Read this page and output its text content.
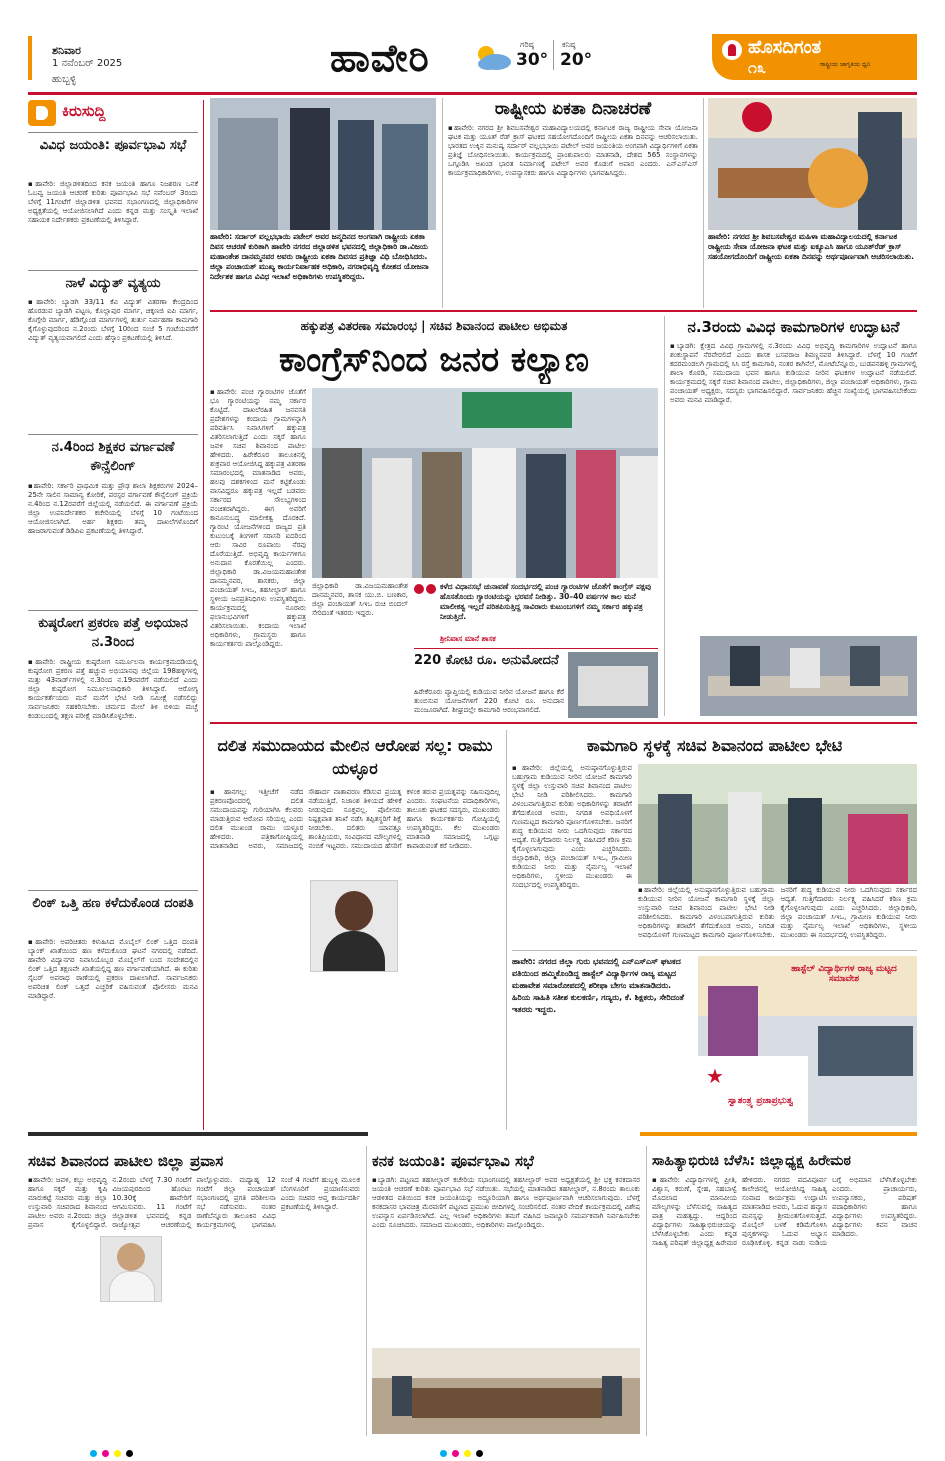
ಶನಿವಾರ
1 ನವೆಂಬರ್ 2025
ಹುಬ್ಬಳ್ಳಿ	ಹಾವೇರಿ	ಗರಿಷ್ಠ
30°
ಕನಿಷ್ಠ
20°
ಹೊಸದಿಗಂತ
ರಾಷ್ಟ್ರೀಯ ಜಾಗೃತಿಯ ಧ್ವನಿ
೧೩
ಕಿರುಸುದ್ದಿ
ವಿವಿಧ ಜಯಂತಿ: ಪೂರ್ವಭಾವಿ ಸಭೆ
▪ಹಾವೇರಿ: ಜಿಲ್ಲಾಡಳಿತದಿಂದ ಕನಕ ಜಯಂತಿ ಹಾಗೂ ನಿಜಶರಣ ಒನಕೆ ಓಬವ್ವ ಜಯಂತಿ ಆಚರಣೆ ಕುರಿತು ಪೂರ್ವಭಾವಿ ಸಭೆ ನವೆಂಬರ್ 3ರಂದು ಬೆಳಗ್ಗೆ 11ಗಂಟೆಗೆ ಜಿಲ್ಲಾಡಳಿತ ಭವನದ ಸಭಾಂಗಣದಲ್ಲಿ ಜಿಲ್ಲಾಧಿಕಾರಿಗಳ ಅಧ್ಯಕ್ಷತೆಯಲ್ಲಿ ಆಯೋಜಿಸಲಾಗಿದೆ ಎಂದು ಕನ್ನಡ ಮತ್ತು ಸಂಸ್ಕೃತಿ ಇಲಾಖೆ ಸಹಾಯಕ ನಿರ್ದೇಶಕರು ಪ್ರಕಟಣೆಯಲ್ಲಿ ತಿಳಿಸಿದ್ದಾರೆ.
ನಾಳೆ ವಿದ್ಯುತ್ ವ್ಯತ್ಯಯ
▪ಹಾವೇರಿ: ಬ್ಯಾಡಗಿ 33/11 ಕೆವಿ ವಿದ್ಯುತ್ ವಿತರಣಾ ಕೇಂದ್ರದಿಂದ ಹೊರಡುವ ಬ್ಯಾಡಗಿ ಪಟ್ಟಣ, ಕೊಲ್ಲಾಪುರ ಮಾರ್ಗ, ಚಿಕ್ಕಣಜಿ ಐಪಿ ಮಾರ್ಗ, ಕೊಗ್ಗೇರಿ ಮಾರ್ಗ, ಹೆಡಿಗ್ಗೊಂಡ ಮಾರ್ಗಗಳಲ್ಲಿ ತುರ್ತು ನಿರ್ವಹಣಾ ಕಾಮಗಾರಿ ಕೈಗೊಳ್ಳುವುದರಿಂದ ನ.2ರಂದು ಬೆಳಗ್ಗೆ 10ರಿಂದ ಸಂಜೆ 5 ಗಂಟೆಯವರೆಗೆ ವಿದ್ಯುತ್ ವ್ಯತ್ಯಯವಾಗಲಿದೆ ಎಂದು ಹೆಸ್ಕಾಂ ಪ್ರಕಟಣೆಯಲ್ಲಿ ತಿಳಿಸಿದೆ.
ನ.4ರಿಂದ ಶಿಕ್ಷಕರ ವರ್ಗಾವಣೆ ಕೌನ್ಸೆಲಿಂಗ್
▪ಹಾವೇರಿ: ಸರ್ಕಾರಿ ಪ್ರಾಥಮಿಕ ಮತ್ತು ಪ್ರೌಢ ಶಾಲಾ ಶಿಕ್ಷಕರುಗಳ 2024–25ನೇ ಸಾಲಿನ ಸಾಮಾನ್ಯ ಕೋರಿಕೆ, ಪರಸ್ಪರ ವರ್ಗಾವಣೆ ಕೌನ್ಸೆಲಿಂಗ್ ಪ್ರಕ್ರಿಯೆ ನ.4ರಿಂದ ನ.12ರವರೆಗೆ ಜಿಲ್ಲೆಯಲ್ಲಿ ನಡೆಯಲಿದೆ. ಈ ವರ್ಗಾವಣೆ ಪ್ರಕ್ರಿಯೆ ಜಿಲ್ಲಾ ಉಪನಿರ್ದೇಶಕರ ಕಚೇರಿಯಲ್ಲಿ ಬೆಳಗ್ಗೆ 10 ಗಂಟೆಯಿಂದ ಆಯೋಜಿಸಲಾಗಿದೆ. ಅರ್ಹ ಶಿಕ್ಷಕರು ತಮ್ಮ ದಾಖಲೆಗಳೊಂದಿಗೆ ಹಾಜರಾಗುವಂತೆ ಡಿಡಿಪಿಐ ಪ್ರಕಟಣೆಯಲ್ಲಿ ತಿಳಿಸಿದ್ದಾರೆ.
ಕುಷ್ಠರೋಗ ಪ್ರಕರಣ ಪತ್ತೆ ಅಭಿಯಾನ ನ.3ರಿಂದ
▪ಹಾವೇರಿ: ರಾಷ್ಟ್ರೀಯ ಕುಷ್ಠರೋಗ ನಿರ್ಮೂಲನಾ ಕಾರ್ಯಕ್ರಮದಡಿಯಲ್ಲಿ ಕುಷ್ಠರೋಗ ಪ್ರಕರಣ ಪತ್ತೆ ಹಚ್ಚುವ ಅಭಿಯಾನವು ಜಿಲ್ಲೆಯ 198ಹಳ್ಳಿಗಳಲ್ಲಿ ಮತ್ತು 43ವಾರ್ಡ್‌ಗಳಲ್ಲಿ ನ.3ರಿಂದ ನ.19ರವರೆಗೆ ನಡೆಯಲಿದೆ ಎಂದು ಜಿಲ್ಲಾ ಕುಷ್ಠರೋಗ ನಿರ್ಮೂಲನಾಧಿಕಾರಿ ತಿಳಿಸಿದ್ದಾರೆ. ಆರೋಗ್ಯ ಕಾರ್ಯಕರ್ತೆಯರು ಮನೆ ಮನೆಗೆ ಭೇಟಿ ನೀಡಿ ಸಮೀಕ್ಷೆ ನಡೆಸಲಿದ್ದು ಸಾರ್ವಜನಿಕರು ಸಹಕರಿಸಬೇಕು. ಚರ್ಮದ ಮೇಲೆ ತಿಳಿ ಬಿಳಿಯ ಮಚ್ಚೆ ಕಂಡುಬಂದಲ್ಲಿ ತಕ್ಷಣ ಪರೀಕ್ಷೆ ಮಾಡಿಸಿಕೊಳ್ಳಬೇಕು.
ಲಿಂಕ್ ಒತ್ತಿ ಹಣ ಕಳೆದುಕೊಂಡ ದಂಪತಿ
▪ಹಾವೇರಿ: ಅಪರಿಚಿತರು ಕಳುಹಿಸಿದ ಮೊಬೈಲ್ ಲಿಂಕ್ ಒತ್ತಿದ ದಂಪತಿ ಬ್ಯಾಂಕ್ ಖಾತೆಯಿಂದ ಹಣ ಕಳೆದುಕೊಂಡ ಘಟನೆ ನಗರದಲ್ಲಿ ನಡೆದಿದೆ. ಹಾವೇರಿ ವಿದ್ಯಾನಗರ ನಿವಾಸಿಯೊಬ್ಬರ ಮೊಬೈಲ್‌ಗೆ ಬಂದ ಸಂದೇಶದಲ್ಲಿನ ಲಿಂಕ್ ಒತ್ತಿದ ತಕ್ಷಣವೇ ಖಾತೆಯಲ್ಲಿದ್ದ ಹಣ ವರ್ಗಾವಣೆಯಾಗಿದೆ. ಈ ಕುರಿತು ಸೈಬರ್ ಅಪರಾಧ ಠಾಣೆಯಲ್ಲಿ ಪ್ರಕರಣ ದಾಖಲಾಗಿದೆ. ಸಾರ್ವಜನಿಕರು ಅಪರಿಚಿತ ಲಿಂಕ್ ಒತ್ತದೆ ಎಚ್ಚರಿಕೆ ವಹಿಸುವಂತೆ ಪೊಲೀಸರು ಮನವಿ ಮಾಡಿದ್ದಾರೆ.
ಹಾವೇರಿ: ಸರ್ದಾರ್ ವಲ್ಲಭಭಾಯಿ ಪಟೇಲ್ ಅವರ ಜನ್ಮದಿನದ ಅಂಗವಾಗಿ ರಾಷ್ಟ್ರೀಯ ಏಕತಾ ದಿವಸ ಆಚರಣೆ ಕುರಿತಾಗಿ ಹಾವೇರಿ ನಗರದ ಜಿಲ್ಲಾಡಳಿತ ಭವನದಲ್ಲಿ ಜಿಲ್ಲಾಧಿಕಾರಿ ಡಾ.ವಿಜಯ ಮಹಾಂತೇಶ ದಾನಮ್ಮನವರ ಅವರು ರಾಷ್ಟ್ರೀಯ ಏಕತಾ ದಿವಸದ ಪ್ರತಿಜ್ಞಾ ವಿಧಿ ಬೋಧಿಸಿದರು. ಜಿಲ್ಲಾ ಪಂಚಾಯತ್ ಮುಖ್ಯ ಕಾರ್ಯನಿರ್ವಾಹಕ ಅಧಿಕಾರಿ, ನಗರಾಭಿವೃದ್ಧಿ ಕೋಶದ ಯೋಜನಾ ನಿರ್ದೇಶಕ ಹಾಗೂ ವಿವಿಧ ಇಲಾಖೆ ಅಧಿಕಾರಿಗಳು ಉಪಸ್ಥಿತರಿದ್ದರು.
ರಾಷ್ಟ್ರೀಯ ಏಕತಾ ದಿನಾಚರಣೆ
▪ಹಾವೇರಿ: ನಗರದ ಶ್ರೀ ಶಿವಬಸವೇಶ್ವರ ಮಹಾವಿದ್ಯಾಲಯದಲ್ಲಿ ಕರ್ನಾಟಕ ರಾಜ್ಯ ರಾಷ್ಟ್ರೀಯ ಸೇವಾ ಯೋಜನಾ ಘಟಕ ಮತ್ತು ಯೂತ್ ರೆಡ್ ಕ್ರಾಸ್ ಘಟಕದ ಸಹಯೋಗದೊಂದಿಗೆ ರಾಷ್ಟ್ರೀಯ ಏಕತಾ ದಿನವನ್ನು ಆಚರಿಸಲಾಯಿತು. ಭಾರತದ ಉಕ್ಕಿನ ಮನುಷ್ಯ ಸರ್ದಾರ್ ವಲ್ಲಭಭಾಯಿ ಪಟೇಲ್ ಅವರ ಜಯಂತಿಯ ಅಂಗವಾಗಿ ವಿದ್ಯಾರ್ಥಿಗಳಿಗೆ ಏಕತಾ ಪ್ರತಿಜ್ಞೆ ಬೋಧಿಸಲಾಯಿತು. ಕಾರ್ಯಕ್ರಮದಲ್ಲಿ ಪ್ರಾಂಶುಪಾಲರು ಮಾತನಾಡಿ, ದೇಶದ 565 ಸಂಸ್ಥಾನಗಳನ್ನು ಒಗ್ಗೂಡಿಸಿ ಅಖಂಡ ಭಾರತ ನಿರ್ಮಾಣಕ್ಕೆ ಪಟೇಲ್ ಅವರ ಕೊಡುಗೆ ಅಪಾರ ಎಂದರು. ಎನ್ಎಸ್ಎಸ್ ಕಾರ್ಯಕ್ರಮಾಧಿಕಾರಿಗಳು, ಉಪನ್ಯಾಸಕರು ಹಾಗೂ ವಿದ್ಯಾರ್ಥಿಗಳು ಭಾಗವಹಿಸಿದ್ದರು.
ಹಾವೇರಿ: ನಗರದ ಶ್ರೀ ಶಿವಬಸವೇಶ್ವರ ಮಹಿಳಾ ಮಹಾವಿದ್ಯಾಲಯದಲ್ಲಿ ಕರ್ನಾಟಕ ರಾಷ್ಟ್ರೀಯ ಸೇವಾ ಯೋಜನಾ ಘಟಕ ಮತ್ತು ಐಕ್ಯೂಎಸಿ ಹಾಗೂ ಯೂತ್‌ರೆಡ್ ಕ್ರಾಸ್ ಸಹಯೋಗದೊಂದಿಗೆ ರಾಷ್ಟ್ರೀಯ ಏಕತಾ ದಿನವನ್ನು ಅರ್ಥಪೂರ್ಣವಾಗಿ ಆಚರಿಸಲಾಯಿತು.
ಹಕ್ಕುಪತ್ರ ವಿತರಣಾ ಸಮಾರಂಭ | ಸಚಿವ ಶಿವಾನಂದ ಪಾಟೀಲ ಅಭಿಮತ
ಕಾಂಗ್ರೆಸ್‌ನಿಂದ ಜನರ ಕಲ್ಯಾಣ
▪ಹಾವೇರಿ: ಪಂಚ ಗ್ಯಾರಂಟಿಗಳ ಜೊತೆಗೆ ಭೂ ಗ್ಯಾರಂಟಿಯನ್ನು ನಮ್ಮ ಸರ್ಕಾರ ಕೊಟ್ಟಿದೆ. ದಾಖಲೆರಹಿತ ಜನವಸತಿ ಪ್ರದೇಶಗಳನ್ನು ಕಂದಾಯ ಗ್ರಾಮಗಳನ್ನಾಗಿ ಪರಿವರ್ತಿಸಿ ನಿವಾಸಿಗಳಿಗೆ ಹಕ್ಕುಪತ್ರ ವಿತರಿಸಲಾಗುತ್ತಿದೆ ಎಂದು ಸಕ್ಕರೆ ಹಾಗೂ ಜವಳಿ ಸಚಿವ ಶಿವಾನಂದ ಪಾಟೀಲ ಹೇಳಿದರು. ಹಿರೇಕೆರೂರ ತಾಲೂಕಿನಲ್ಲಿ ಶುಕ್ರವಾರ ಆಯೋಜಿಸಿದ್ದ ಹಕ್ಕುಪತ್ರ ವಿತರಣಾ ಸಮಾರಂಭದಲ್ಲಿ ಮಾತನಾಡಿದ ಅವರು, ಹಲವು ದಶಕಗಳಿಂದ ಮನೆ ಕಟ್ಟಿಕೊಂಡು ವಾಸವಿದ್ದರೂ ಹಕ್ಕುಪತ್ರ ಇಲ್ಲದೆ ಬಡವರು ಸರ್ಕಾರದ ಸೌಲಭ್ಯಗಳಿಂದ ವಂಚಿತರಾಗಿದ್ದರು. ಈಗ ಅವರಿಗೆ ಕಾನೂನುಬದ್ಧ ಮಾಲೀಕತ್ವ ದೊರಕಿದೆ. ಗ್ಯಾರಂಟಿ ಯೋಜನೆಗಳಿಂದ ರಾಜ್ಯದ ಪ್ರತಿ ಕುಟುಂಬಕ್ಕೆ ತಿಂಗಳಿಗೆ ಸರಾಸರಿ ಐದರಿಂದ ಆರು ಸಾವಿರ ರೂಪಾಯಿ ನೆರವು ದೊರೆಯುತ್ತಿದೆ. ಅಭಿವೃದ್ಧಿ ಕಾರ್ಯಗಳಿಗೂ ಅನುದಾನ ಕೊರತೆಯಿಲ್ಲ ಎಂದರು. ಜಿಲ್ಲಾಧಿಕಾರಿ ಡಾ.ವಿಜಯಮಹಾಂತೇಶ ದಾನಮ್ಮನವರ, ಶಾಸಕರು, ಜಿಲ್ಲಾ ಪಂಚಾಯತ್ ಸಿಇಒ, ತಹಸೀಲ್ದಾರ್ ಹಾಗೂ ಸ್ಥಳೀಯ ಜನಪ್ರತಿನಿಧಿಗಳು ಉಪಸ್ಥಿತರಿದ್ದರು. ಕಾರ್ಯಕ್ರಮದಲ್ಲಿ ನೂರಾರು ಫಲಾನುಭವಿಗಳಿಗೆ ಹಕ್ಕುಪತ್ರ ವಿತರಿಸಲಾಯಿತು. ಕಂದಾಯ ಇಲಾಖೆ ಅಧಿಕಾರಿಗಳು, ಗ್ರಾಮಸ್ಥರು ಹಾಗೂ ಕಾರ್ಯಕರ್ತರು ಪಾಲ್ಗೊಂಡಿದ್ದರು.
ಜಿಲ್ಲಾಧಿಕಾರಿ ಡಾ.ವಿಜಯಮಹಾಂತೇಶ ದಾನಮ್ಮನವರ, ಶಾಸಕ ಯು.ಬಿ. ಬಣಕಾರ, ಜಿಲ್ಲಾ ಪಂಚಾಯತ್ ಸಿಇಒ ರುಚಿ ಬಿಂದಲ್ ಸೇರಿದಂತೆ ಇತರರು ಇದ್ದರು.
ಕಳೆದ ವಿಧಾನಸಭೆ ಚುನಾವಣೆ ಸಂದರ್ಭದಲ್ಲಿ ಪಂಚ ಗ್ಯಾರಂಟಿಗಳ ಜೊತೆಗೆ ಕಾಂಗ್ರೆಸ್ ಪಕ್ಷವು ಹೊಸತೊಂದು ಗ್ಯಾರಂಟಿಯನ್ನು ಭರವಸೆ ನೀಡಿತ್ತು. 30–40 ವರ್ಷಗಳ ಕಾಲ ಮನೆ ಮಾಲೀಕತ್ವ ಇಲ್ಲದೆ ಪರಿತಪಿಸುತ್ತಿದ್ದ ಸಾವಿರಾರು ಕುಟುಂಬಗಳಿಗೆ ನಮ್ಮ ಸರ್ಕಾರ ಹಕ್ಕುಪತ್ರ ನೀಡುತ್ತಿದೆ.
ಶ್ರೀನಿವಾಸ ಮಾನೆ ಶಾಸಕ
220 ಕೋಟಿ ರೂ. ಅನುಮೋದನೆ
ಹಿರೇಕೆರೂರು ವ್ಯಾಪ್ತಿಯಲ್ಲಿ ಕುಡಿಯುವ ನೀರಿನ ಯೋಜನೆ ಹಾಗೂ ಕೆರೆ ತುಂಬಿಸುವ ಯೋಜನೆಗಳಿಗೆ 220 ಕೋಟಿ ರೂ. ಅನುದಾನ ಮಂಜೂರಾಗಿದೆ. ಶೀಘ್ರದಲ್ಲೇ ಕಾಮಗಾರಿ ಆರಂಭವಾಗಲಿದೆ.
ನ.3ರಂದು ವಿವಿಧ ಕಾಮಗಾರಿಗಳ ಉದ್ಘಾಟನೆ
▪ಬ್ಯಾಡಗಿ: ಕ್ಷೇತ್ರದ ವಿವಿಧ ಗ್ರಾಮಗಳಲ್ಲಿ ನ.3ರಂದು ವಿವಿಧ ಅಭಿವೃದ್ಧಿ ಕಾಮಗಾರಿಗಳ ಉದ್ಘಾಟನೆ ಹಾಗೂ ಶಂಕುಸ್ಥಾಪನೆ ನೆರವೇರಲಿದೆ ಎಂದು ಶಾಸಕ ಬಸವರಾಜ ಶಿವಣ್ಣನವರ ತಿಳಿಸಿದ್ದಾರೆ. ಬೆಳಗ್ಗೆ 10 ಗಂಟೆಗೆ ಕದರಮಂಡಲಗಿ ಗ್ರಾಮದಲ್ಲಿ ಸಿಸಿ ರಸ್ತೆ ಕಾಮಗಾರಿ, ನಂತರ ಕಾಗಿನೆಲೆ, ಮೋಟೆಬೆನ್ನೂರು, ಬುಡಪನಹಳ್ಳಿ ಗ್ರಾಮಗಳಲ್ಲಿ ಶಾಲಾ ಕೊಠಡಿ, ಸಮುದಾಯ ಭವನ ಹಾಗೂ ಕುಡಿಯುವ ನೀರಿನ ಘಟಕಗಳ ಉದ್ಘಾಟನೆ ನಡೆಯಲಿದೆ. ಕಾರ್ಯಕ್ರಮದಲ್ಲಿ ಸಕ್ಕರೆ ಸಚಿವ ಶಿವಾನಂದ ಪಾಟೀಲ, ಜಿಲ್ಲಾಧಿಕಾರಿಗಳು, ಜಿಲ್ಲಾ ಪಂಚಾಯತ್ ಅಧಿಕಾರಿಗಳು, ಗ್ರಾಮ ಪಂಚಾಯತ್ ಅಧ್ಯಕ್ಷರು, ಸದಸ್ಯರು ಭಾಗವಹಿಸಲಿದ್ದಾರೆ. ಸಾರ್ವಜನಿಕರು ಹೆಚ್ಚಿನ ಸಂಖ್ಯೆಯಲ್ಲಿ ಭಾಗವಹಿಸಬೇಕೆಂದು ಅವರು ಮನವಿ ಮಾಡಿದ್ದಾರೆ.
ದಲಿತ ಸಮುದಾಯದ ಮೇಲಿನ ಆರೋಪ ಸಲ್ಲ: ರಾಮು ಯಳ್ಳೂರ
▪ಹಾನಗಲ್ಲ: ಇತ್ತೀಚೆಗೆ ನಡೆದ ಪ್ರಕರಣವೊಂದರಲ್ಲಿ ದಲಿತ ಸಮುದಾಯವನ್ನು ಗುರಿಯಾಗಿಸಿ ಕೆಲವರು ಮಾಡುತ್ತಿರುವ ಆರೋಪ ಸರಿಯಲ್ಲ ಎಂದು ದಲಿತ ಮುಖಂಡ ರಾಮು ಯಳ್ಳೂರ ಹೇಳಿದರು. ಪತ್ರಿಕಾಗೋಷ್ಠಿಯಲ್ಲಿ ಮಾತನಾಡಿದ ಅವರು, ಸಮಾಜದಲ್ಲಿ ಸೌಹಾರ್ದ ವಾತಾವರಣ ಕೆಡಿಸುವ ಪ್ರಯತ್ನ ನಡೆಯುತ್ತಿದೆ. ನಿಜಾಂಶ ತಿಳಿಯದೆ ಹೇಳಿಕೆ ನೀಡುವುದು ಸೂಕ್ತವಲ್ಲ. ಪೊಲೀಸರು ನಿಷ್ಪಕ್ಷಪಾತ ತನಿಖೆ ನಡೆಸಿ ತಪ್ಪಿತಸ್ಥರಿಗೆ ಶಿಕ್ಷೆ ನೀಡಬೇಕು. ದಲಿತರು ಯಾವತ್ತೂ ಶಾಂತಿಪ್ರಿಯರು, ಸಂವಿಧಾನದ ಮೌಲ್ಯಗಳಲ್ಲಿ ನಂಬಿಕೆ ಇಟ್ಟವರು. ಸಮುದಾಯದ ಹೆಸರಿಗೆ ಕಳಂಕ ತರುವ ಪ್ರಯತ್ನವನ್ನು ಸಹಿಸುವುದಿಲ್ಲ ಎಂದರು. ಸಂಘಟನೆಯ ಪದಾಧಿಕಾರಿಗಳು, ತಾಲೂಕು ಘಟಕದ ಸದಸ್ಯರು, ಮುಖಂಡರು ಹಾಗೂ ಕಾರ್ಯಕರ್ತರು ಗೋಷ್ಠಿಯಲ್ಲಿ ಉಪಸ್ಥಿತರಿದ್ದರು. ಕೆಲ ಮುಖಂಡರು ಮಾತನಾಡಿ ಸಮಾಜದಲ್ಲಿ ಒಗ್ಗಟ್ಟು ಕಾಪಾಡುವಂತೆ ಕರೆ ನೀಡಿದರು.
ಕಾಮಗಾರಿ ಸ್ಥಳಕ್ಕೆ ಸಚಿವ ಶಿವಾನಂದ ಪಾಟೀಲ ಭೇಟಿ
▪ಹಾವೇರಿ: ಜಿಲ್ಲೆಯಲ್ಲಿ ಅನುಷ್ಠಾನಗೊಳ್ಳುತ್ತಿರುವ ಬಹುಗ್ರಾಮ ಕುಡಿಯುವ ನೀರಿನ ಯೋಜನೆ ಕಾಮಗಾರಿ ಸ್ಥಳಕ್ಕೆ ಜಿಲ್ಲಾ ಉಸ್ತುವಾರಿ ಸಚಿವ ಶಿವಾನಂದ ಪಾಟೀಲ ಭೇಟಿ ನೀಡಿ ಪರಿಶೀಲಿಸಿದರು. ಕಾಮಗಾರಿ ವಿಳಂಬವಾಗುತ್ತಿರುವ ಕುರಿತು ಅಧಿಕಾರಿಗಳನ್ನು ತರಾಟೆಗೆ ತೆಗೆದುಕೊಂಡ ಅವರು, ನಿಗದಿತ ಅವಧಿಯೊಳಗೆ ಗುಣಮಟ್ಟದ ಕಾಮಗಾರಿ ಪೂರ್ಣಗೊಳಿಸಬೇಕು. ಜನರಿಗೆ ಶುದ್ಧ ಕುಡಿಯುವ ನೀರು ಒದಗಿಸುವುದು ಸರ್ಕಾರದ ಆದ್ಯತೆ. ಗುತ್ತಿಗೆದಾರರು ನಿರ್ಲಕ್ಷ್ಯ ವಹಿಸಿದರೆ ಕಠಿಣ ಕ್ರಮ ಕೈಗೊಳ್ಳಲಾಗುವುದು ಎಂದು ಎಚ್ಚರಿಸಿದರು. ಜಿಲ್ಲಾಧಿಕಾರಿ, ಜಿಲ್ಲಾ ಪಂಚಾಯತ್ ಸಿಇಒ, ಗ್ರಾಮೀಣ ಕುಡಿಯುವ ನೀರು ಮತ್ತು ನೈರ್ಮಲ್ಯ ಇಲಾಖೆ ಅಧಿಕಾರಿಗಳು, ಸ್ಥಳೀಯ ಮುಖಂಡರು ಈ ಸಂದರ್ಭದಲ್ಲಿ ಉಪಸ್ಥಿತರಿದ್ದರು.
▪ಹಾವೇರಿ: ಜಿಲ್ಲೆಯಲ್ಲಿ ಅನುಷ್ಠಾನಗೊಳ್ಳುತ್ತಿರುವ ಬಹುಗ್ರಾಮ ಕುಡಿಯುವ ನೀರಿನ ಯೋಜನೆ ಕಾಮಗಾರಿ ಸ್ಥಳಕ್ಕೆ ಜಿಲ್ಲಾ ಉಸ್ತುವಾರಿ ಸಚಿವ ಶಿವಾನಂದ ಪಾಟೀಲ ಭೇಟಿ ನೀಡಿ ಪರಿಶೀಲಿಸಿದರು. ಕಾಮಗಾರಿ ವಿಳಂಬವಾಗುತ್ತಿರುವ ಕುರಿತು ಅಧಿಕಾರಿಗಳನ್ನು ತರಾಟೆಗೆ ತೆಗೆದುಕೊಂಡ ಅವರು, ನಿಗದಿತ ಅವಧಿಯೊಳಗೆ ಗುಣಮಟ್ಟದ ಕಾಮಗಾರಿ ಪೂರ್ಣಗೊಳಿಸಬೇಕು. ಜನರಿಗೆ ಶುದ್ಧ ಕುಡಿಯುವ ನೀರು ಒದಗಿಸುವುದು ಸರ್ಕಾರದ ಆದ್ಯತೆ. ಗುತ್ತಿಗೆದಾರರು ನಿರ್ಲಕ್ಷ್ಯ ವಹಿಸಿದರೆ ಕಠಿಣ ಕ್ರಮ ಕೈಗೊಳ್ಳಲಾಗುವುದು ಎಂದು ಎಚ್ಚರಿಸಿದರು. ಜಿಲ್ಲಾಧಿಕಾರಿ, ಜಿಲ್ಲಾ ಪಂಚಾಯತ್ ಸಿಇಒ, ಗ್ರಾಮೀಣ ಕುಡಿಯುವ ನೀರು ಮತ್ತು ನೈರ್ಮಲ್ಯ ಇಲಾಖೆ ಅಧಿಕಾರಿಗಳು, ಸ್ಥಳೀಯ ಮುಖಂಡರು ಈ ಸಂದರ್ಭದಲ್ಲಿ ಉಪಸ್ಥಿತರಿದ್ದರು.
ಹಾವೇರಿ: ನಗರದ ಜಿಲ್ಲಾ ಗುರು ಭವನದಲ್ಲಿ ಎನ್ಎಸ್ಎಸ್ ಘಟಕದ ವತಿಯಿಂದ ಹಮ್ಮಿಕೊಂಡಿದ್ದ ಹಾಸ್ಟೆಲ್ ವಿದ್ಯಾರ್ಥಿಗಳ ರಾಜ್ಯ ಮಟ್ಟದ ಮಹಾವೇಶ ಸಮಾರೋಪದಲ್ಲಿ ಶರೀಫಾ ಬೇಗಂ ಮಾತನಾಡಿದರು. ಹಿರಿಯ ಸಾಹಿತಿ ಸತೀಶ ಕುಲಕರ್ಣಿ, ಗಣ್ಯರು, ಕೆ. ಶಿಕ್ಷಕರು, ಸೇರಿದಂತೆ ಇತರರು ಇದ್ದರು.
ಹಾಸ್ಟೆಲ್ ವಿದ್ಯಾರ್ಥಿಗಳ ರಾಜ್ಯ ಮಟ್ಟದ ಸಮಾವೇಶ
★
ಸ್ವಾತಂತ್ರ್ಯ ಪ್ರಜಾಪ್ರಭುತ್ವ
ಸಚಿವ ಶಿವಾನಂದ ಪಾಟೀಲ ಜಿಲ್ಲಾ ಪ್ರವಾಸ
▪ಹಾವೇರಿ: ಜವಳಿ, ಕಬ್ಬು ಅಭಿವೃದ್ಧಿ ಹಾಗೂ ಸಕ್ಕರೆ ಮತ್ತು ಕೃಷಿ ಮಾರುಕಟ್ಟೆ ಸಚಿವರು ಮತ್ತು ಜಿಲ್ಲಾ ಉಸ್ತುವಾರಿ ಸಚಿವರಾದ ಶಿವಾನಂದ ಪಾಟೀಲ ಅವರು ನ.2ರಂದು ಜಿಲ್ಲಾ ಪ್ರವಾಸ ಕೈಗೊಳ್ಳಲಿದ್ದಾರೆ. ನ.2ರಂದು ಬೆಳಗ್ಗೆ 7.30 ಗಂಟೆಗೆ ವಿಜಯಪುರದಿಂದ ಹೊರಟು 10.30ಕ್ಕೆ ಹಾವೇರಿಗೆ ಆಗಮಿಸುವರು. 11 ಗಂಟೆಗೆ ಜಿಲ್ಲಾಡಳಿತ ಭವನದಲ್ಲಿ ಕನ್ನಡ ರಾಜ್ಯೋತ್ಸವ ಆಚರಣೆಯಲ್ಲಿ ಪಾಲ್ಗೊಳ್ಳುವರು. ಮಧ್ಯಾಹ್ನ 12 ಗಂಟೆಗೆ ಜಿಲ್ಲಾ ಪಂಚಾಯತ್ ಸಭಾಂಗಣದಲ್ಲಿ ಪ್ರಗತಿ ಪರಿಶೀಲನಾ ಸಭೆ ನಡೆಸುವರು. ನಂತರ ರಾಣೆಬೆನ್ನೂರು ತಾಲೂಕಿನ ವಿವಿಧ ಕಾರ್ಯಕ್ರಮಗಳಲ್ಲಿ ಭಾಗವಹಿಸಿ ಸಂಜೆ 4 ಗಂಟೆಗೆ ಹುಬ್ಬಳ್ಳಿ ಮೂಲಕ ಬೆಂಗಳೂರಿಗೆ ಪ್ರಯಾಣಿಸುವರು ಎಂದು ಸಚಿವರ ಆಪ್ತ ಕಾರ್ಯದರ್ಶಿ ಪ್ರಕಟಣೆಯಲ್ಲಿ ತಿಳಿಸಿದ್ದಾರೆ.
ಕನಕ ಜಯಂತಿ: ಪೂರ್ವಭಾವಿ ಸಭೆ
▪ಬ್ಯಾಡಗಿ: ಪಟ್ಟಣದ ತಹಸೀಲ್ದಾರ್ ಕಚೇರಿಯ ಸಭಾಂಗಣದಲ್ಲಿ ತಹಸೀಲ್ದಾರ್ ಅವರ ಅಧ್ಯಕ್ಷತೆಯಲ್ಲಿ ಶ್ರೀ ಭಕ್ತ ಕನಕದಾಸರ ಜಯಂತಿ ಆಚರಣೆ ಕುರಿತು ಪೂರ್ವಭಾವಿ ಸಭೆ ನಡೆಯಿತು. ಸಭೆಯಲ್ಲಿ ಮಾತನಾಡಿದ ತಹಸೀಲ್ದಾರ್, ನ.8ರಂದು ತಾಲೂಕು ಆಡಳಿತದ ವತಿಯಿಂದ ಕನಕ ಜಯಂತಿಯನ್ನು ಅದ್ದೂರಿಯಾಗಿ ಹಾಗೂ ಅರ್ಥಪೂರ್ಣವಾಗಿ ಆಚರಿಸಲಾಗುವುದು. ಬೆಳಗ್ಗೆ ಕನಕದಾಸರ ಭಾವಚಿತ್ರ ಮೆರವಣಿಗೆ ಪಟ್ಟಣದ ಪ್ರಮುಖ ಬೀದಿಗಳಲ್ಲಿ ಸಂಚರಿಸಲಿದೆ. ನಂತರ ವೇದಿಕೆ ಕಾರ್ಯಕ್ರಮದಲ್ಲಿ ವಿಶೇಷ ಉಪನ್ಯಾಸ ಏರ್ಪಡಿಸಲಾಗಿದೆ. ಎಲ್ಲ ಇಲಾಖೆ ಅಧಿಕಾರಿಗಳು ತಮಗೆ ವಹಿಸಿದ ಜವಾಬ್ದಾರಿ ಸಮರ್ಪಕವಾಗಿ ನಿರ್ವಹಿಸಬೇಕು ಎಂದು ಸೂಚಿಸಿದರು. ಸಮಾಜದ ಮುಖಂಡರು, ಅಧಿಕಾರಿಗಳು ಪಾಲ್ಗೊಂಡಿದ್ದರು.
ಸಾಹಿತ್ಯಾಭಿರುಚಿ ಬೆಳೆಸಿ: ಜಿಲ್ಲಾಧ್ಯಕ್ಷ ಹಿರೇಮಠ
▪ಹಾವೇರಿ: ವಿದ್ಯಾರ್ಥಿಗಳಲ್ಲಿ ಪ್ರೀತಿ, ವಿಶ್ವಾಸ, ಕರುಣೆ, ಸ್ನೇಹ, ಸಹಬಾಳ್ವೆ ಮೊದಲಾದ ಮಾನವೀಯ ಮೌಲ್ಯಗಳನ್ನು ಬೆಳೆಸುವಲ್ಲಿ ಸಾಹಿತ್ಯದ ಪಾತ್ರ ಮಹತ್ವದ್ದು. ಆದ್ದರಿಂದ ವಿದ್ಯಾರ್ಥಿಗಳು ಸಾಹಿತ್ಯಾಭಿರುಚಿಯನ್ನು ಬೆಳೆಸಿಕೊಳ್ಳಬೇಕು ಎಂದು ಕನ್ನಡ ಸಾಹಿತ್ಯ ಪರಿಷತ್ ಜಿಲ್ಲಾಧ್ಯಕ್ಷ ಹಿರೇಮಠ ಹೇಳಿದರು. ನಗರದ ಪದವಿಪೂರ್ವ ಕಾಲೇಜಿನಲ್ಲಿ ಆಯೋಜಿಸಿದ್ದ ಸಾಹಿತ್ಯ ಸಂವಾದ ಕಾರ್ಯಕ್ರಮ ಉದ್ಘಾಟಿಸಿ ಮಾತನಾಡಿದ ಅವರು, ಓದುವ ಹವ್ಯಾಸ ಮನಸ್ಸನ್ನು ಶ್ರೀಮಂತಗೊಳಿಸುತ್ತದೆ. ಮೊಬೈಲ್ ಬಳಕೆ ಕಡಿಮೆಗೊಳಿಸಿ ಪುಸ್ತಕಗಳನ್ನು ಓದುವ ಅಭ್ಯಾಸ ರೂಢಿಸಿಕೊಳ್ಳಿ. ಕನ್ನಡ ನಾಡು ನುಡಿಯ ಬಗ್ಗೆ ಅಭಿಮಾನ ಬೆಳೆಸಿಕೊಳ್ಳಬೇಕು ಎಂದರು. ಪ್ರಾಚಾರ್ಯರು, ಉಪನ್ಯಾಸಕರು, ಪರಿಷತ್ ಪದಾಧಿಕಾರಿಗಳು ಹಾಗೂ ವಿದ್ಯಾರ್ಥಿಗಳು ಉಪಸ್ಥಿತರಿದ್ದರು. ವಿದ್ಯಾರ್ಥಿಗಳು ಕವನ ವಾಚನ ಮಾಡಿದರು.
